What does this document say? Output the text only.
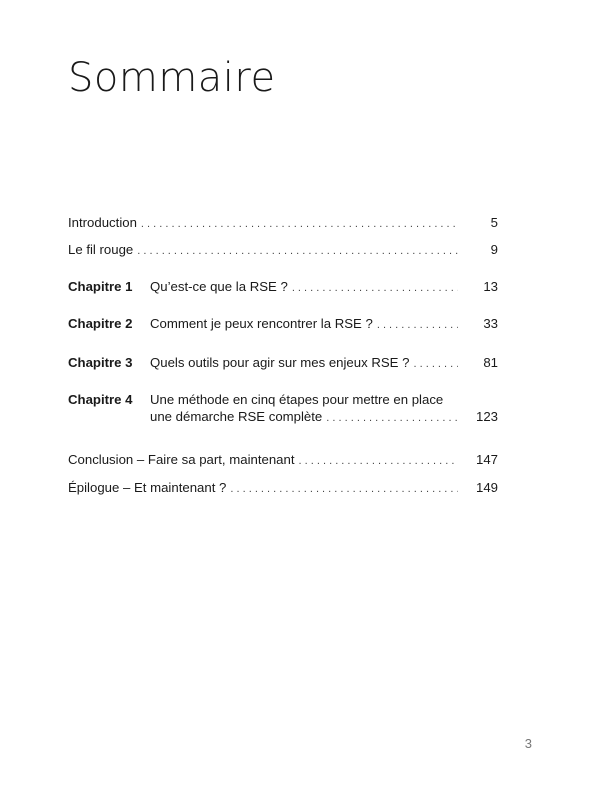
Sommaire
Introduction . . .	5
Le fil rouge . . .	9
Chapitre 1	Qu’est-ce que la RSE ? . . .	13
Chapitre 2	Comment je peux rencontrer la RSE ? . . .	33
Chapitre 3	Quels outils pour agir sur mes enjeux RSE ? . . .	81
Chapitre 4	Une méthode en cinq étapes pour mettre en place
une démarche RSE complète . . .	123
Conclusion – Faire sa part, maintenant . . .	147
Épilogue – Et maintenant ? . . .	149
3
